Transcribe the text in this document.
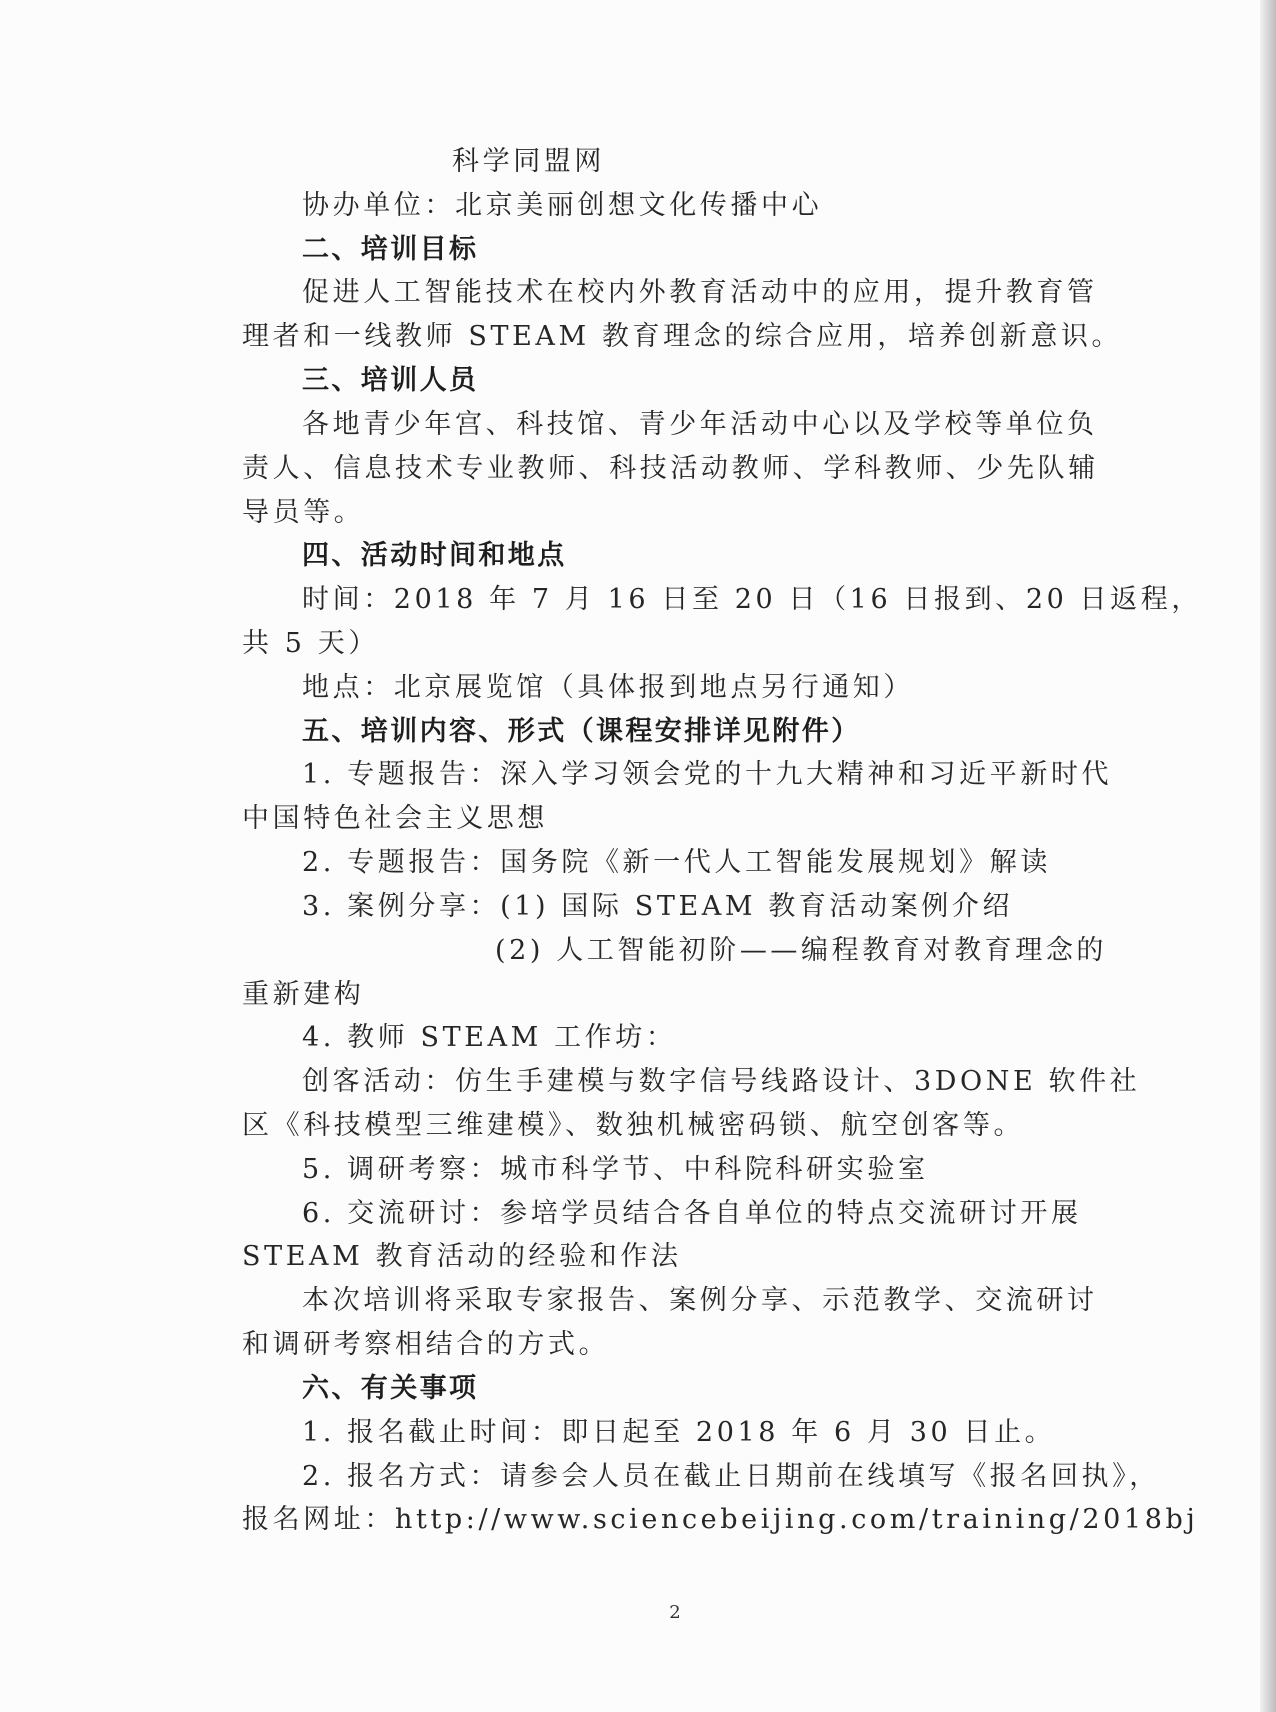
科学同盟网
协办单位：北京美丽创想文化传播中心
二、培训目标
促进人工智能技术在校内外教育活动中的应用，提升教育管
理者和一线教师 STEAM 教育理念的综合应用，培养创新意识。
三、培训人员
各地青少年宫、科技馆、青少年活动中心以及学校等单位负
责人、信息技术专业教师、科技活动教师、学科教师、少先队辅
导员等。
四、活动时间和地点
时间：2018 年 7 月 16 日至 20 日（16 日报到、20 日返程，
共 5 天）
地点：北京展览馆（具体报到地点另行通知）
五、培训内容、形式（课程安排详见附件）
1. 专题报告：深入学习领会党的十九大精神和习近平新时代
中国特色社会主义思想
2. 专题报告：国务院《新一代人工智能发展规划》解读
3. 案例分享：(1) 国际 STEAM 教育活动案例介绍
(2) 人工智能初阶——编程教育对教育理念的
重新建构
4. 教师 STEAM 工作坊：
创客活动：仿生手建模与数字信号线路设计、3DONE 软件社
区《科技模型三维建模》、数独机械密码锁、航空创客等。
5. 调研考察：城市科学节、中科院科研实验室
6. 交流研讨：参培学员结合各自单位的特点交流研讨开展
STEAM 教育活动的经验和作法
本次培训将采取专家报告、案例分享、示范教学、交流研讨
和调研考察相结合的方式。
六、有关事项
1. 报名截止时间：即日起至 2018 年 6 月 30 日止。
2. 报名方式：请参会人员在截止日期前在线填写《报名回执》，
报名网址：http://www.sciencebeijing.com/training/2018bj
2
